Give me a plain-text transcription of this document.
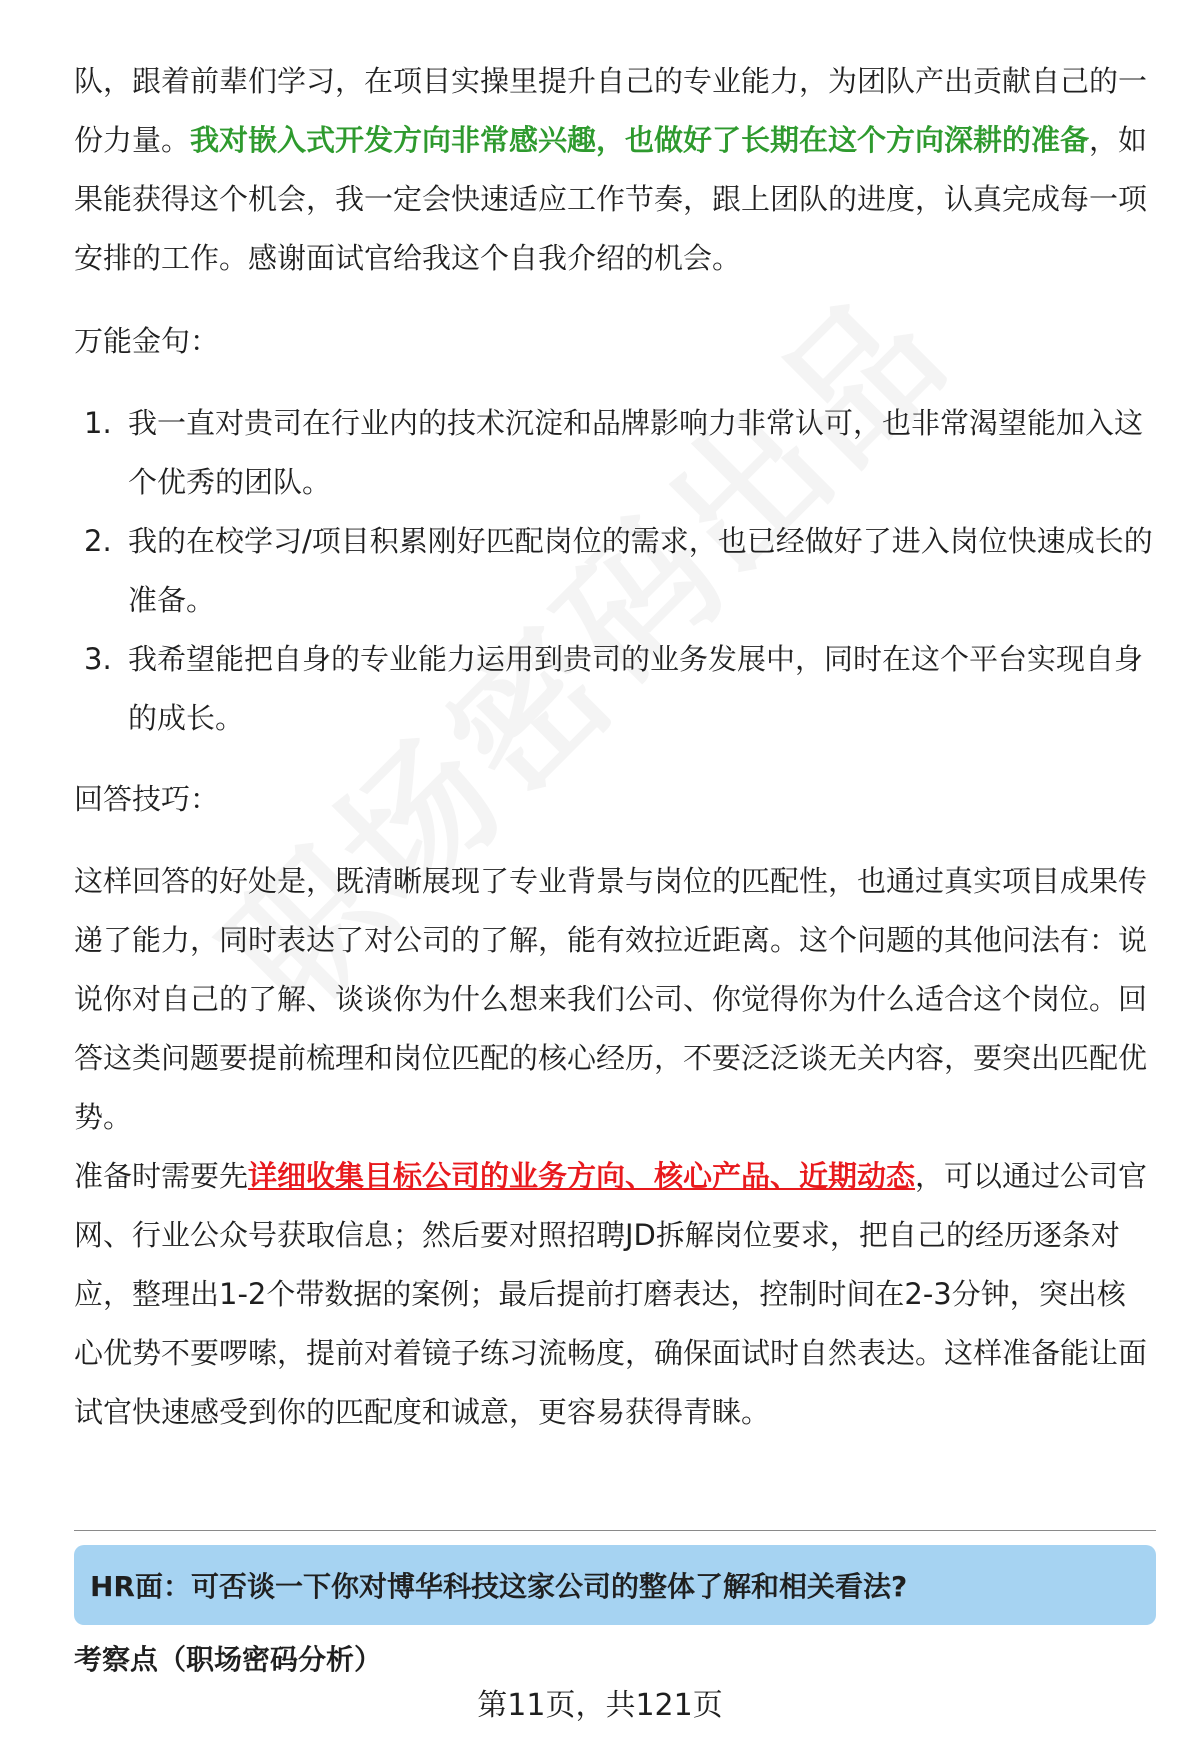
队，跟着前辈们学习，在项目实操里提升自己的专业能力，为团队产出贡献自己的一份力量。我对嵌入式开发方向非常感兴趣，也做好了长期在这个方向深耕的准备，如果能获得这个机会，我一定会快速适应工作节奏，跟上团队的进度，认真完成每一项安排的工作。感谢面试官给我这个自我介绍的机会。

万能金句：

1. 我一直对贵司在行业内的技术沉淀和品牌影响力非常认可，也非常渴望能加入这个优秀的团队。
2. 我的在校学习/项目积累刚好匹配岗位的需求，也已经做好了进入岗位快速成长的准备。
3. 我希望能把自身的专业能力运用到贵司的业务发展中，同时在这个平台实现自身的成长。

回答技巧：

这样回答的好处是，既清晰展现了专业背景与岗位的匹配性，也通过真实项目成果传递了能力，同时表达了对公司的了解，能有效拉近距离。这个问题的其他问法有：说说你对自己的了解、谈谈你为什么想来我们公司、你觉得你为什么适合这个岗位。回答这类问题要提前梳理和岗位匹配的核心经历，不要泛泛谈无关内容，要突出匹配优势。

准备时需要先详细收集目标公司的业务方向、核心产品、近期动态，可以通过公司官网、行业公众号获取信息；然后要对照招聘JD拆解岗位要求，把自己的经历逐条对应，整理出1-2个带数据的案例；最后提前打磨表达，控制时间在2-3分钟，突出核心优势不要啰嗦，提前对着镜子练习流畅度，确保面试时自然表达。这样准备能让面试官快速感受到你的匹配度和诚意，更容易获得青睐。

HR面：可否谈一下你对博华科技这家公司的整体了解和相关看法?
考察点（职场密码分析）
第11页，共121页
